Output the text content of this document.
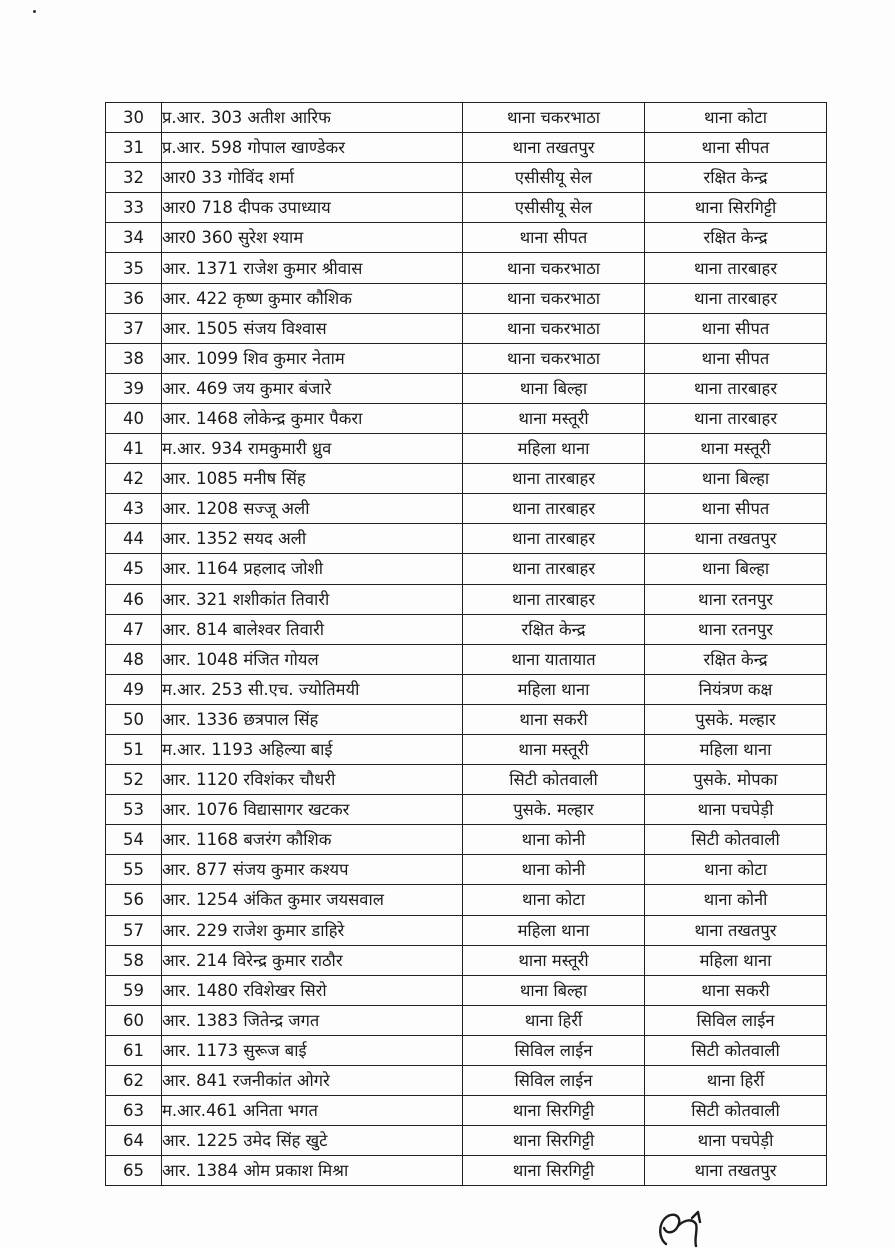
30	प्र.आर. 303 अतीश आरिफ	थाना चकरभाठा	थाना कोटा
31	प्र.आर. 598 गोपाल खाण्डेकर	थाना तखतपुर	थाना सीपत
32	आर0 33 गोविंद शर्मा	एसीसीयू सेल	रक्षित केन्द्र
33	आर0 718 दीपक उपाध्याय	एसीसीयू सेल	थाना सिरगिट्टी
34	आर0 360 सुरेश श्याम	थाना सीपत	रक्षित केन्द्र
35	आर. 1371 राजेश कुमार श्रीवास	थाना चकरभाठा	थाना तारबाहर
36	आर. 422 कृष्ण कुमार कौशिक	थाना चकरभाठा	थाना तारबाहर
37	आर. 1505 संजय विश्वास	थाना चकरभाठा	थाना सीपत
38	आर. 1099 शिव कुमार नेताम	थाना चकरभाठा	थाना सीपत
39	आर. 469 जय कुमार बंजारे	थाना बिल्हा	थाना तारबाहर
40	आर. 1468 लोकेन्द्र कुमार पैकरा	थाना मस्तूरी	थाना तारबाहर
41	म.आर. 934 रामकुमारी ध्रुव	महिला थाना	थाना मस्तूरी
42	आर. 1085 मनीष सिंह	थाना तारबाहर	थाना बिल्हा
43	आर. 1208 सज्जू अली	थाना तारबाहर	थाना सीपत
44	आर. 1352 सयद अली	थाना तारबाहर	थाना तखतपुर
45	आर. 1164 प्रहलाद जोशी	थाना तारबाहर	थाना बिल्हा
46	आर. 321 शशीकांत तिवारी	थाना तारबाहर	थाना रतनपुर
47	आर. 814 बालेश्वर तिवारी	रक्षित केन्द्र	थाना रतनपुर
48	आर. 1048 मंजित गोयल	थाना यातायात	रक्षित केन्द्र
49	म.आर. 253 सी.एच. ज्योतिमयी	महिला थाना	नियंत्रण कक्ष
50	आर. 1336 छत्रपाल सिंह	थाना सकरी	पुसके. मल्हार
51	म.आर. 1193 अहिल्या बाई	थाना मस्तूरी	महिला थाना
52	आर. 1120 रविशंकर चौधरी	सिटी कोतवाली	पुसके. मोपका
53	आर. 1076 विद्यासागर खटकर	पुसके. मल्हार	थाना पचपेड़ी
54	आर. 1168 बजरंग कौशिक	थाना कोनी	सिटी कोतवाली
55	आर. 877 संजय कुमार कश्यप	थाना कोनी	थाना कोटा
56	आर. 1254 अंकित कुमार जयसवाल	थाना कोटा	थाना कोनी
57	आर. 229 राजेश कुमार डाहिरे	महिला थाना	थाना तखतपुर
58	आर. 214 विरेन्द्र कुमार राठौर	थाना मस्तूरी	महिला थाना
59	आर. 1480 रविशेखर सिरो	थाना बिल्हा	थाना सकरी
60	आर. 1383 जितेन्द्र जगत	थाना हिर्री	सिविल लाईन
61	आर. 1173 सुरूज बाई	सिविल लाईन	सिटी कोतवाली
62	आर. 841 रजनीकांत ओगरे	सिविल लाईन	थाना हिर्री
63	म.आर.461 अनिता भगत	थाना सिरगिट्टी	सिटी कोतवाली
64	आर. 1225 उमेद सिंह खुटे	थाना सिरगिट्टी	थाना पचपेड़ी
65	आर. 1384 ओम प्रकाश मिश्रा	थाना सिरगिट्टी	थाना तखतपुर
